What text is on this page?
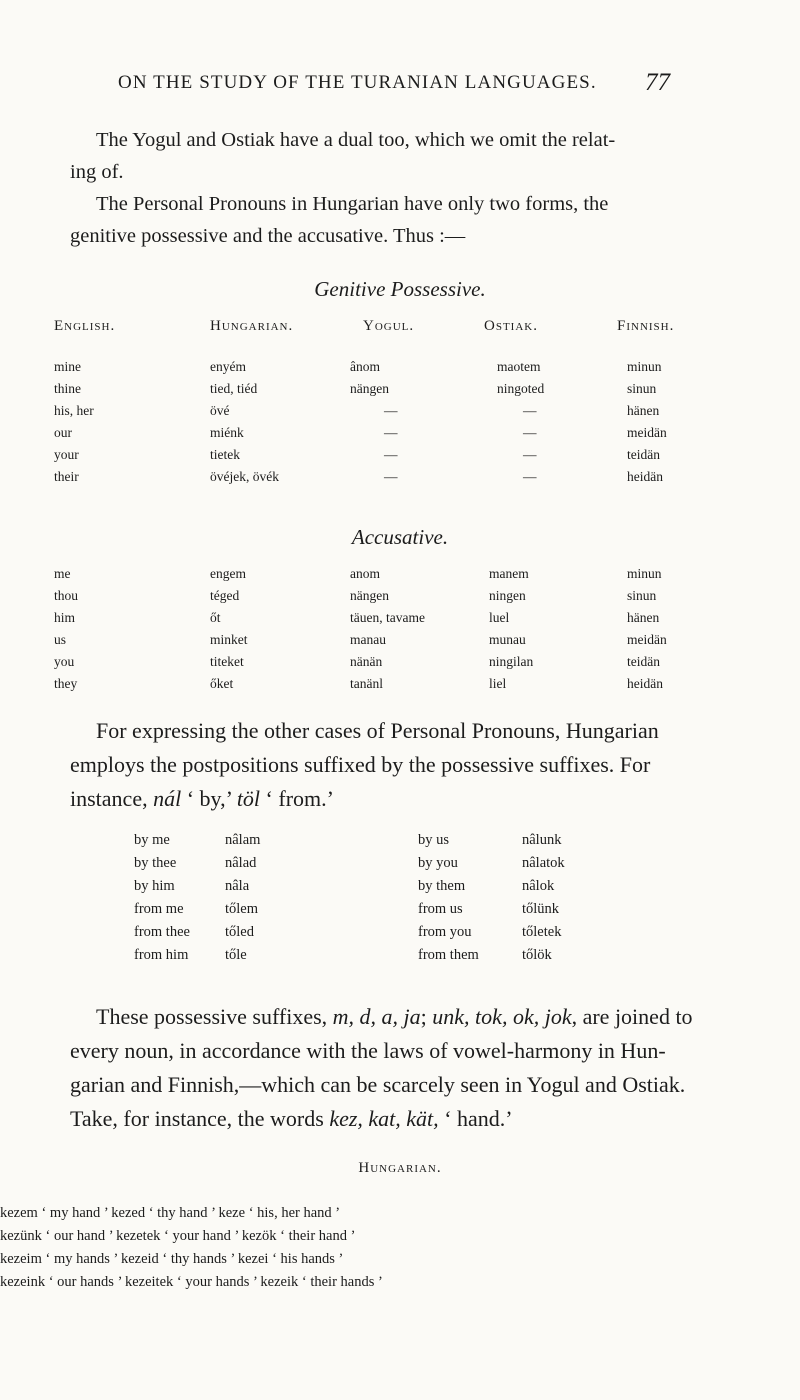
ON THE STUDY OF THE TURANIAN LANGUAGES. 77
The Yogul and Ostiak have a dual too, which we omit the relat-
ing of.
The Personal Pronouns in Hungarian have only two forms, the
genitive possessive and the accusative. Thus :—
Genitive Possessive.
English.	Hungarian.	Yogul.	Ostiak.	Finnish.
mine	enyém	ânom	maotem	minun
thine	tied, tiéd	nängen	ningoted	sinun
his, her	övé	—	—	hänen
our	miénk	—	—	meidän
your	tietek	—	—	teidän
their	övéjek, övék	—	—	heidän
Accusative.
me	engem	anom	manem	minun
thou	téged	nängen	ningen	sinun
him	őt	täuen, tavame	luel	hänen
us	minket	manau	munau	meidän
you	titeket	nänän	ningilan	teidän
they	őket	tanänl	liel	heidän
For expressing the other cases of Personal Pronouns, Hungarian
employs the postpositions suffixed by the possessive suffixes. For
instance, nál ‘ by,’ töl ‘ from.’
by me	nâlam	by us	nâlunk
by thee	nâlad	by you	nâlatok
by him	nâla	by them	nâlok
from me	tőlem	from us	tőlünk
from thee tőled	from you	tőletek
from him	tőle	from them	tőlök
These possessive suffixes, m, d, a, ja; unk, tok, ok, jok, are joined to
every noun, in accordance with the laws of vowel-harmony in Hun-
garian and Finnish,—which can be scarcely seen in Yogul and Ostiak.
Take, for instance, the words kez, kat, kät, ‘ hand.’
Hungarian.
kezem ‘ my hand ’ kezed ‘ thy hand ’ keze ‘ his, her hand ’
kezünk ‘ our hand ’ kezetek ‘ your hand ’ kezök ‘ their hand ’
kezeim ‘ my hands ’ kezeid ‘ thy hands ’ kezei ‘ his hands ’
kezeink ‘ our hands ’ kezeitek ‘ your hands ’ kezeik ‘ their hands ’
